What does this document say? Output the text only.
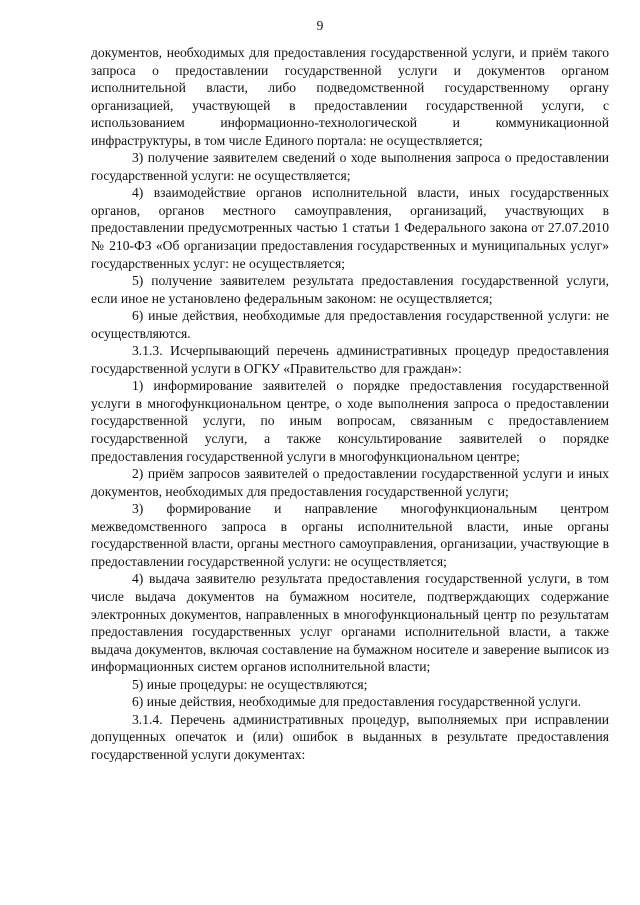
9

документов, необходимых для предоставления государственной услуги, и приём такого запроса о предоставлении государственной услуги и документов органом исполнительной власти, либо подведомственной государственному органу организацией, участвующей в предоставлении государственной услуги, с использованием информационно-технологической и коммуникационной инфраструктуры, в том числе Единого портала: не осуществляется;

3) получение заявителем сведений о ходе выполнения запроса о предоставлении государственной услуги: не осуществляется;

4) взаимодействие органов исполнительной власти, иных государственных органов, органов местного самоуправления, организаций, участвующих в предоставлении предусмотренных частью 1 статьи 1 Федерального закона от 27.07.2010 № 210-ФЗ «Об организации предоставления государственных и муниципальных услуг» государственных услуг: не осуществляется;

5) получение заявителем результата предоставления государственной услуги, если иное не установлено федеральным законом: не осуществляется;

6) иные действия, необходимые для предоставления государственной услуги: не осуществляются.

3.1.3. Исчерпывающий перечень административных процедур предоставления государственной услуги в ОГКУ «Правительство для граждан»:

1) информирование заявителей о порядке предоставления государственной услуги в многофункциональном центре, о ходе выполнения запроса о предоставлении государственной услуги, по иным вопросам, связанным с предоставлением государственной услуги, а также консультирование заявителей о порядке предоставления государственной услуги в многофункциональном центре;

2) приём запросов заявителей о предоставлении государственной услуги и иных документов, необходимых для предоставления государственной услуги;

3) формирование и направление многофункциональным центром межведомственного запроса в органы исполнительной власти, иные органы государственной власти, органы местного самоуправления, организации, участвующие в предоставлении государственной услуги: не осуществляется;

4) выдача заявителю результата предоставления государственной услуги, в том числе выдача документов на бумажном носителе, подтверждающих содержание электронных документов, направленных в многофункциональный центр по результатам предоставления государственных услуг органами исполнительной власти, а также выдача документов, включая составление на бумажном носителе и заверение выписок из информационных систем органов исполнительной власти;

5) иные процедуры: не осуществляются;

6) иные действия, необходимые для предоставления государственной услуги.

3.1.4. Перечень административных процедур, выполняемых при исправлении допущенных опечаток и (или) ошибок в выданных в результате предоставления государственной услуги документах:
